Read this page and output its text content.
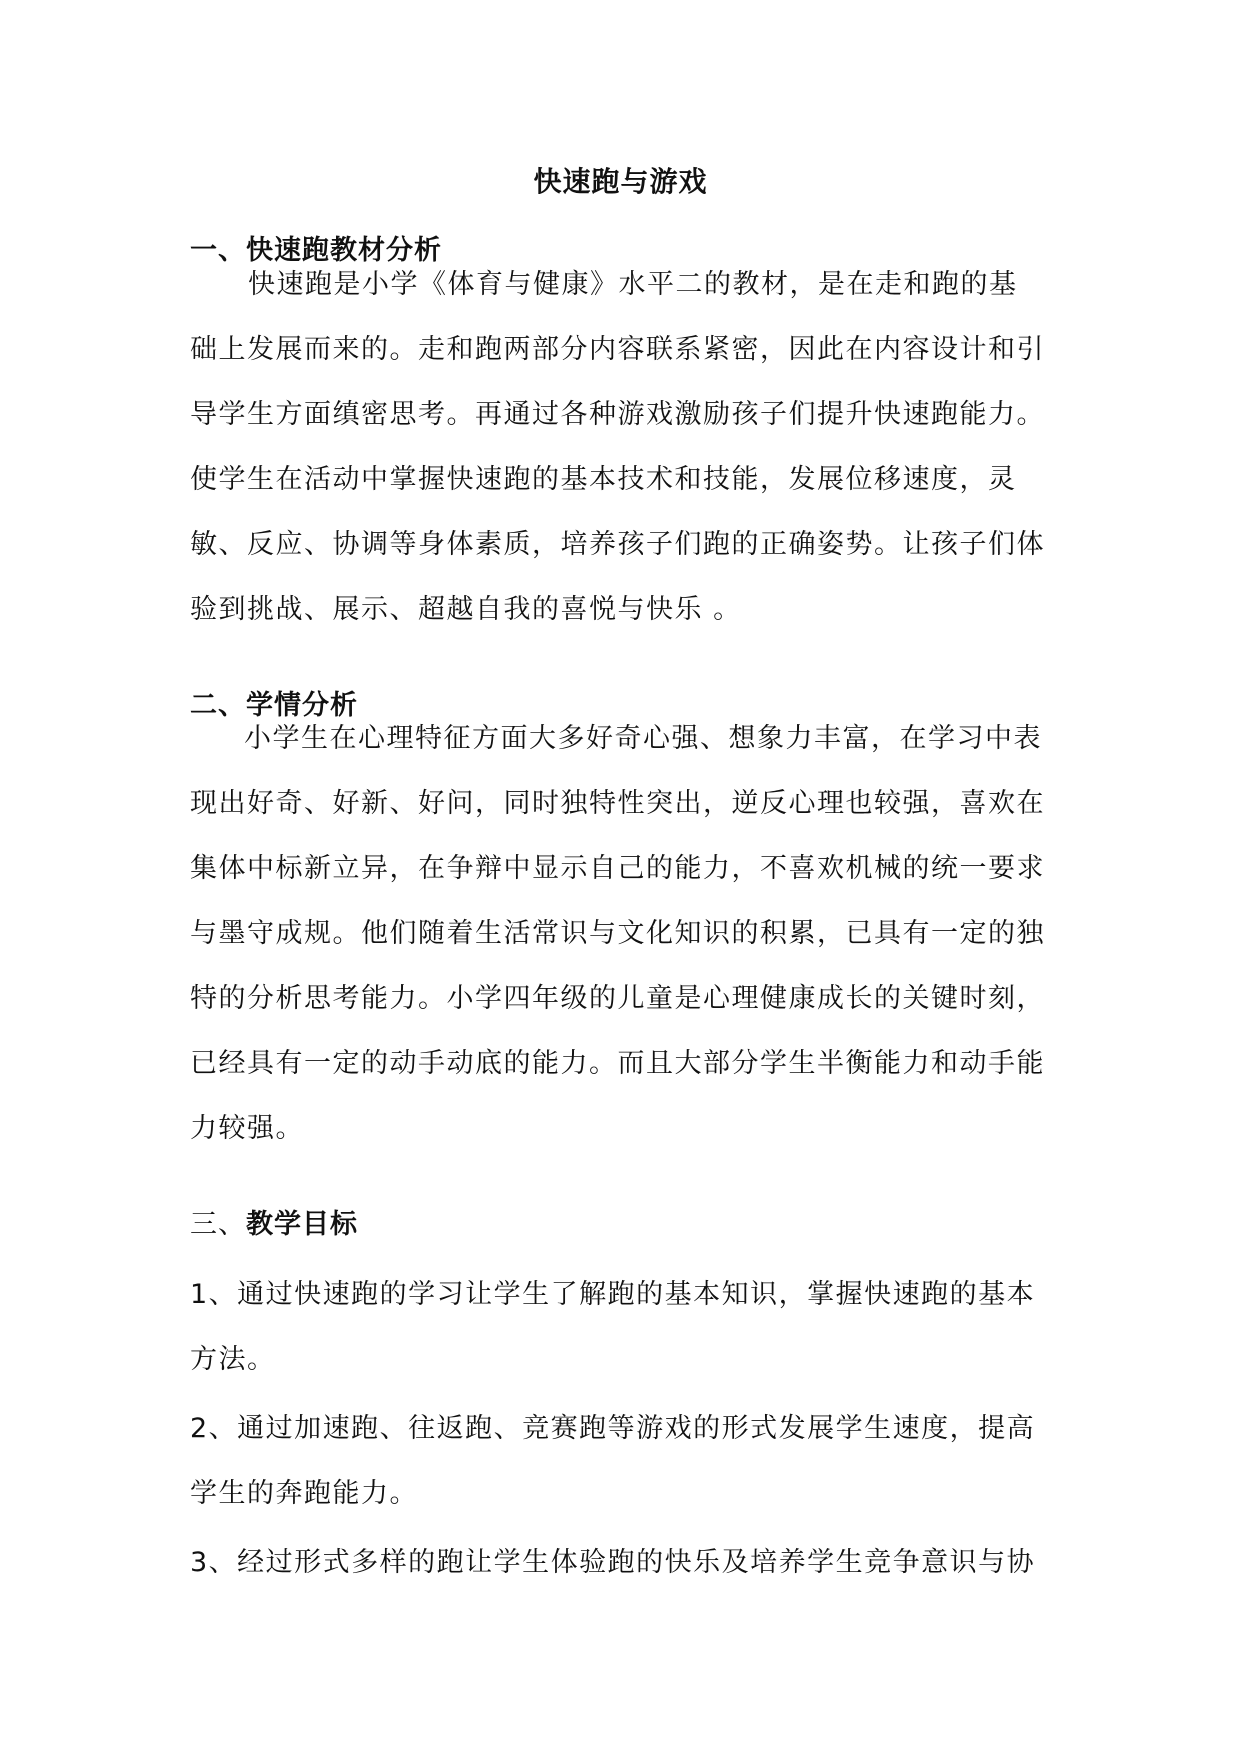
快速跑与游戏
一、快速跑教材分析
快速跑是小学《体育与健康》水平二的教材，是在走和跑的基
础上发展而来的。走和跑两部分内容联系紧密，因此在内容设计和引
导学生方面缜密思考。再通过各种游戏激励孩子们提升快速跑能力。
使学生在活动中掌握快速跑的基本技术和技能，发展位移速度，灵
敏、反应、协调等身体素质，培养孩子们跑的正确姿势。让孩子们体
验到挑战、展示、超越自我的喜悦与快乐 。
二、学情分析
小学生在心理特征方面大多好奇心强、想象力丰富，在学习中表
现出好奇、好新、好问，同时独特性突出，逆反心理也较强，喜欢在
集体中标新立异，在争辩中显示自己的能力，不喜欢机械的统一要求
与墨守成规。他们随着生活常识与文化知识的积累，已具有一定的独
特的分析思考能力。小学四年级的儿童是心理健康成长的关键时刻，
已经具有一定的动手动底的能力。而且大部分学生半衡能力和动手能
力较强。
三、教学目标
1、通过快速跑的学习让学生了解跑的基本知识，掌握快速跑的基本
方法。
2、通过加速跑、往返跑、竞赛跑等游戏的形式发展学生速度，提高
学生的奔跑能力。
3、经过形式多样的跑让学生体验跑的快乐及培养学生竞争意识与协
